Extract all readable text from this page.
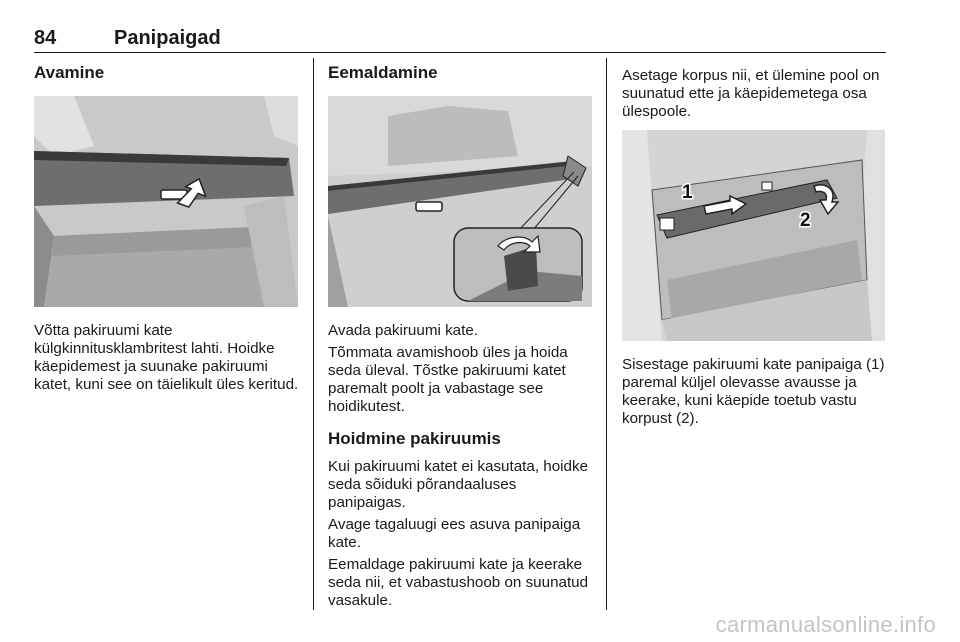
84	Panipaigad
Avamine

Võtta pakiruumi kate külgkinnitusklambritest lahti. Hoidke käepidemest ja suunake pakiruumi katet, kuni see on täielikult üles keritud.

Eemaldamine

Avada pakiruumi kate.

Tõmmata avamishoob üles ja hoida seda üleval. Tõstke pakiruumi katet paremalt poolt ja vabastage see hoidikutest.

Hoidmine pakiruumis

Kui pakiruumi katet ei kasutata, hoidke seda sõiduki põrandaaluses panipaigas.

Avage tagaluugi ees asuva panipaiga kate.

Eemaldage pakiruumi kate ja keerake seda nii, et vabastushoob on suunatud vasakule.

Asetage korpus nii, et ülemine pool on suunatud ette ja käepidemetega osa ülespoole.

1
2

Sisestage pakiruumi kate panipaiga (1) paremal küljel olevasse avausse ja keerake, kuni käepide toetub vastu korpust (2).

carmanualsonline.info
